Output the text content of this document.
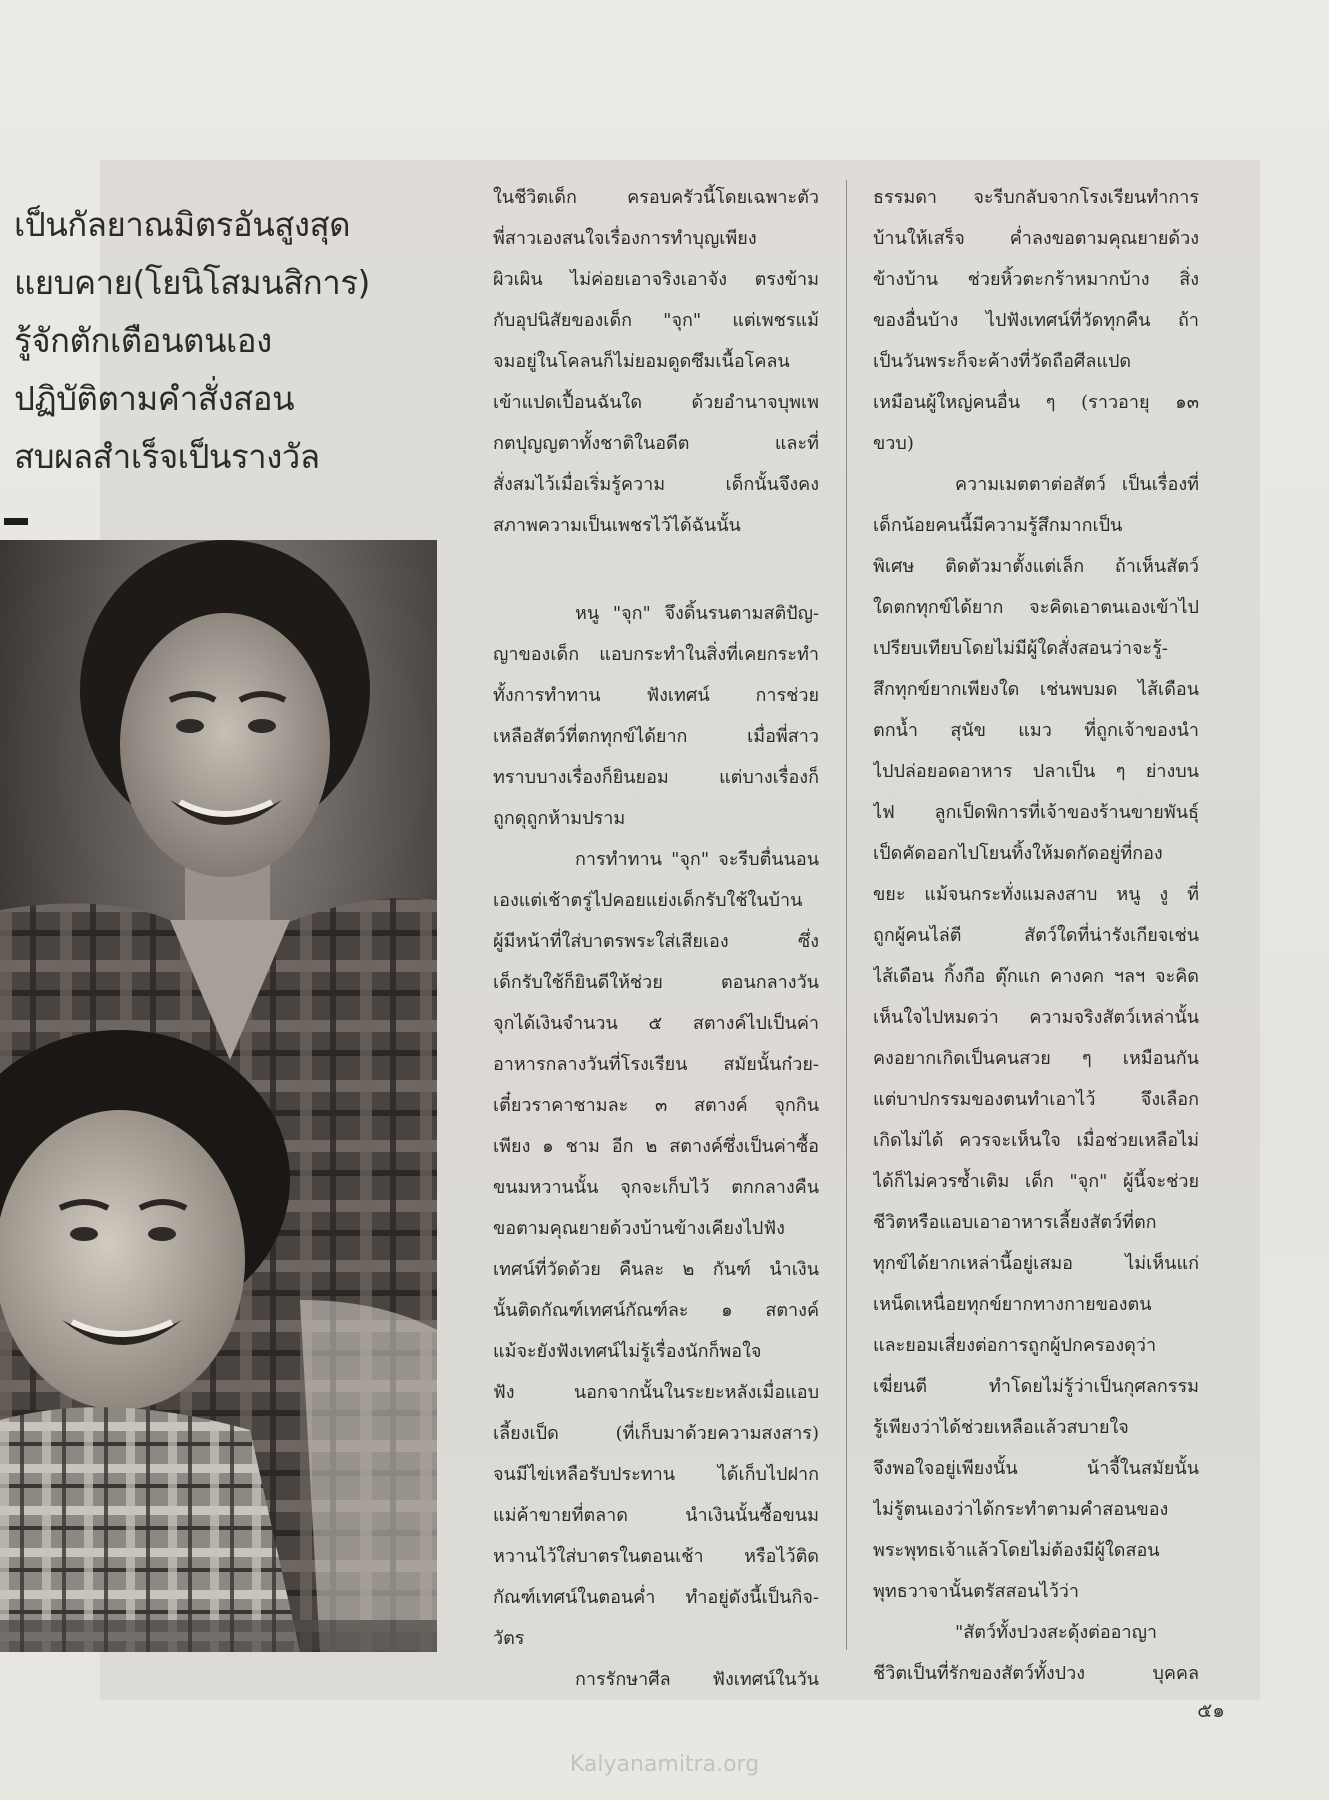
เป็นกัลยาณมิตรอันสูงสุด
แยบคาย(โยนิโสมนสิการ)
รู้จักตักเตือนตนเอง
ปฏิบัติตามคำสั่งสอน
สบผลสำเร็จเป็นรางวัล
ในชีวิตเด็ก ครอบครัวนี้โดยเฉพาะตัว
พี่สาวเองสนใจเรื่องการทำบุญเพียง
ผิวเผิน ไม่ค่อยเอาจริงเอาจัง ตรงข้าม
กับอุปนิสัยของเด็ก "จุก" แต่เพชรแม้
จมอยู่ในโคลนก็ไม่ยอมดูดซึมเนื้อโคลน
เข้าแปดเปื้อนฉันใด ด้วยอำนาจบุพเพ
กตปุญญตาทั้งชาติในอดีต และที่
สั่งสมไว้เมื่อเริ่มรู้ความ เด็กนั้นจึงคง
สภาพความเป็นเพชรไว้ได้ฉันนั้น
หนู "จุก" จึงดิ้นรนตามสติปัญ-
ญาของเด็ก แอบกระทำในสิ่งที่เคยกระทำ
ทั้งการทำทาน ฟังเทศน์ การช่วย
เหลือสัตว์ที่ตกทุกข์ได้ยาก เมื่อพี่สาว
ทราบบางเรื่องก็ยินยอม แต่บางเรื่องก็
ถูกดุถูกห้ามปราม
การทำทาน "จุก" จะรีบตื่นนอน
เองแต่เช้าตรู่ไปคอยแย่งเด็กรับใช้ในบ้าน
ผู้มีหน้าที่ใส่บาตรพระใส่เสียเอง ซึ่ง
เด็กรับใช้ก็ยินดีให้ช่วย ตอนกลางวัน
จุกได้เงินจำนวน ๕ สตางค์ไปเป็นค่า
อาหารกลางวันที่โรงเรียน สมัยนั้นก๋วย-
เตี๋ยวราคาชามละ ๓ สตางค์ จุกกิน
เพียง ๑ ชาม อีก ๒ สตางค์ซึ่งเป็นค่าซื้อ
ขนมหวานนั้น จุกจะเก็บไว้ ตกกลางคืน
ขอตามคุณยายด้วงบ้านข้างเคียงไปฟัง
เทศน์ที่วัดด้วย คืนละ ๒ กันฑ์ นำเงิน
นั้นติดกัณฑ์เทศน์กัณฑ์ละ ๑ สตางค์
แม้จะยังฟังเทศน์ไม่รู้เรื่องนักก็พอใจ
ฟัง นอกจากนั้นในระยะหลังเมื่อแอบ
เลี้ยงเป็ด (ที่เก็บมาด้วยความสงสาร)
จนมีไข่เหลือรับประทาน ได้เก็บไปฝาก
แม่ค้าขายที่ตลาด นำเงินนั้นซื้อขนม
หวานไว้ใส่บาตรในตอนเช้า หรือไว้ติด
กัณฑ์เทศน์ในตอนค่ำ ทำอยู่ดังนี้เป็นกิจ-
วัตร
การรักษาศีล ฟังเทศน์ในวัน
ธรรมดา จะรีบกลับจากโรงเรียนทำการ
บ้านให้เสร็จ ค่ำลงขอตามคุณยายด้วง
ข้างบ้าน ช่วยหิ้วตะกร้าหมากบ้าง สิ่ง
ของอื่นบ้าง ไปฟังเทศน์ที่วัดทุกคืน ถ้า
เป็นวันพระก็จะค้างที่วัดถือศีลแปด
เหมือนผู้ใหญ่คนอื่น ๆ (ราวอายุ ๑๓
ขวบ)
ความเมตตาต่อสัตว์ เป็นเรื่องที่
เด็กน้อยคนนี้มีความรู้สึกมากเป็น
พิเศษ ติดตัวมาตั้งแต่เล็ก ถ้าเห็นสัตว์
ใดตกทุกข์ได้ยาก จะคิดเอาตนเองเข้าไป
เปรียบเทียบโดยไม่มีผู้ใดสั่งสอนว่าจะรู้-
สึกทุกข์ยากเพียงใด เช่นพบมด ไส้เดือน
ตกน้ำ สุนัข แมว ที่ถูกเจ้าของนำ
ไปปล่อยอดอาหาร ปลาเป็น ๆ ย่างบน
ไฟ ลูกเป็ดพิการที่เจ้าของร้านขายพันธุ์
เป็ดคัดออกไปโยนทิ้งให้มดกัดอยู่ที่กอง
ขยะ แม้จนกระทั่งแมลงสาบ หนู งู ที่
ถูกผู้คนไล่ตี สัตว์ใดที่น่ารังเกียจเช่น
ไส้เดือน กิ้งกือ ตุ๊กแก คางคก ฯลฯ จะคิด
เห็นใจไปหมดว่า ความจริงสัตว์เหล่านั้น
คงอยากเกิดเป็นคนสวย ๆ เหมือนกัน
แต่บาปกรรมของตนทำเอาไว้ จึงเลือก
เกิดไม่ได้ ควรจะเห็นใจ เมื่อช่วยเหลือไม่
ได้ก็ไม่ควรซ้ำเติม เด็ก "จุก" ผู้นี้จะช่วย
ชีวิตหรือแอบเอาอาหารเลี้ยงสัตว์ที่ตก
ทุกข์ได้ยากเหล่านี้อยู่เสมอ ไม่เห็นแก่
เหน็ดเหนื่อยทุกข์ยากทางกายของตน
และยอมเสี่ยงต่อการถูกผู้ปกครองดุว่า
เฆี่ยนตี ทำโดยไม่รู้ว่าเป็นกุศลกรรม
รู้เพียงว่าได้ช่วยเหลือแล้วสบายใจ
จึงพอใจอยู่เพียงนั้น น้าจี้ในสมัยนั้น
ไม่รู้ตนเองว่าได้กระทำตามคำสอนของ
พระพุทธเจ้าแล้วโดยไม่ต้องมีผู้ใดสอน
พุทธวาจานั้นตรัสสอนไว้ว่า
"สัตว์ทั้งปวงสะดุ้งต่ออาญา
ชีวิตเป็นที่รักของสัตว์ทั้งปวง บุคคล
๕๑
Kalyanamitra.org
